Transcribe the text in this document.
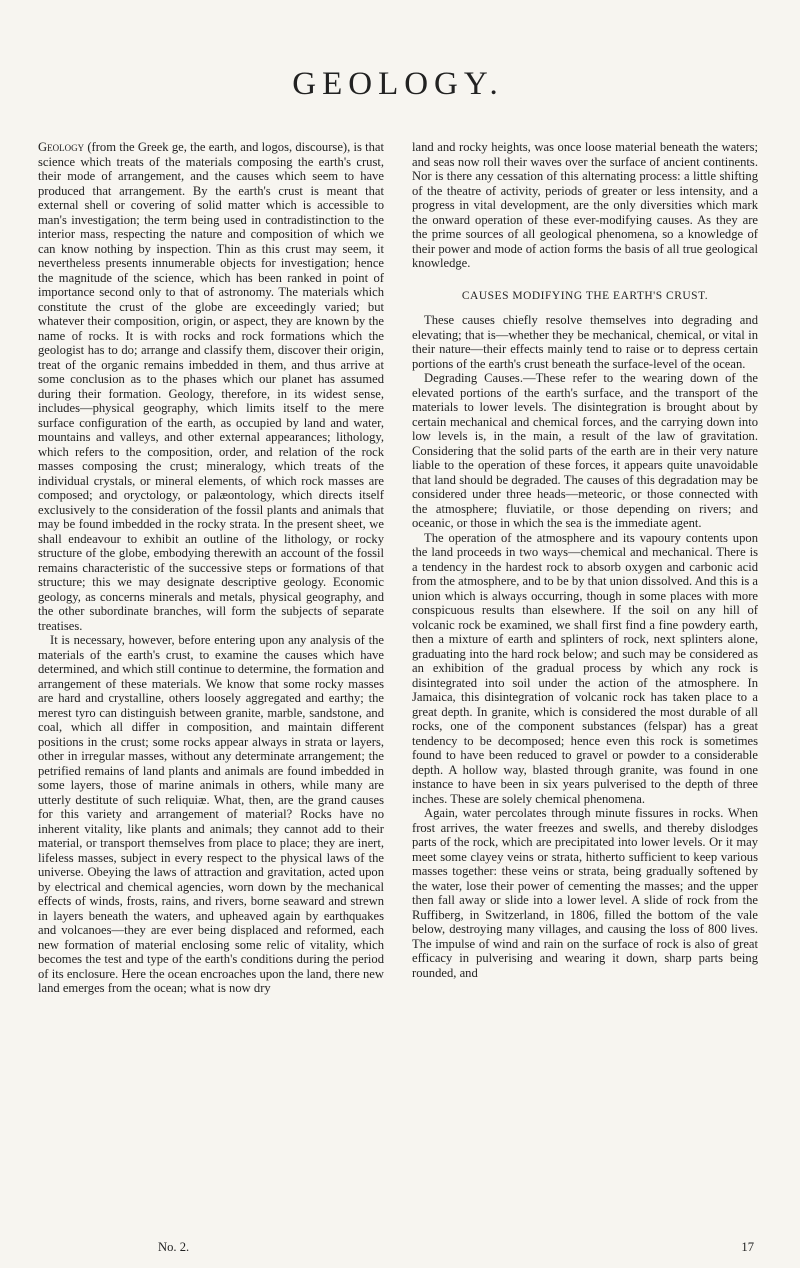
GEOLOGY.

Geology (from the Greek ge, the earth, and logos, discourse), is that science which treats of the materials composing the earth's crust, their mode of arrangement, and the causes which seem to have produced that arrangement. By the earth's crust is meant that external shell or covering of solid matter which is accessible to man's investigation; the term being used in contradistinction to the interior mass, respecting the nature and composition of which we can know nothing by inspection. Thin as this crust may seem, it nevertheless presents innumerable objects for investigation; hence the magnitude of the science, which has been ranked in point of importance second only to that of astronomy. The materials which constitute the crust of the globe are exceedingly varied; but whatever their composition, origin, or aspect, they are known by the name of rocks. It is with rocks and rock formations which the geologist has to do; arrange and classify them, discover their origin, treat of the organic remains imbedded in them, and thus arrive at some conclusion as to the phases which our planet has assumed during their formation. Geology, therefore, in its widest sense, includes—physical geography, which limits itself to the mere surface configuration of the earth, as occupied by land and water, mountains and valleys, and other external appearances; lithology, which refers to the composition, order, and relation of the rock masses composing the crust; mineralogy, which treats of the individual crystals, or mineral elements, of which rock masses are composed; and oryctology, or palæontology, which directs itself exclusively to the consideration of the fossil plants and animals that may be found imbedded in the rocky strata. In the present sheet, we shall endeavour to exhibit an outline of the lithology, or rocky structure of the globe, embodying therewith an account of the fossil remains characteristic of the successive steps or formations of that structure; this we may designate descriptive geology. Economic geology, as concerns minerals and metals, physical geography, and the other subordinate branches, will form the subjects of separate treatises.

It is necessary, however, before entering upon any analysis of the materials of the earth's crust, to examine the causes which have determined, and which still continue to determine, the formation and arrangement of these materials. We know that some rocky masses are hard and crystalline, others loosely aggregated and earthy; the merest tyro can distinguish between granite, marble, sandstone, and coal, which all differ in composition, and maintain different positions in the crust; some rocks appear always in strata or layers, other in irregular masses, without any determinate arrangement; the petrified remains of land plants and animals are found imbedded in some layers, those of marine animals in others, while many are utterly destitute of such reliquiæ. What, then, are the grand causes for this variety and arrangement of material? Rocks have no inherent vitality, like plants and animals; they cannot add to their material, or transport themselves from place to place; they are inert, lifeless masses, subject in every respect to the physical laws of the universe. Obeying the laws of attraction and gravitation, acted upon by electrical and chemical agencies, worn down by the mechanical effects of winds, frosts, rains, and rivers, borne seaward and strewn in layers beneath the waters, and upheaved again by earthquakes and volcanoes—they are ever being displaced and reformed, each new formation of material enclosing some relic of vitality, which becomes the test and type of the earth's conditions during the period of its enclosure. Here the ocean encroaches upon the land, there new land emerges from the ocean; what is now dry

land and rocky heights, was once loose material beneath the waters; and seas now roll their waves over the surface of ancient continents. Nor is there any cessation of this alternating process: a little shifting of the theatre of activity, periods of greater or less intensity, and a progress in vital development, are the only diversities which mark the onward operation of these ever-modifying causes. As they are the prime sources of all geological phenomena, so a knowledge of their power and mode of action forms the basis of all true geological knowledge.

CAUSES MODIFYING THE EARTH'S CRUST.

These causes chiefly resolve themselves into degrading and elevating; that is—whether they be mechanical, chemical, or vital in their nature—their effects mainly tend to raise or to depress certain portions of the earth's crust beneath the surface-level of the ocean.

Degrading Causes.—These refer to the wearing down of the elevated portions of the earth's surface, and the transport of the materials to lower levels. The disintegration is brought about by certain mechanical and chemical forces, and the carrying down into low levels is, in the main, a result of the law of gravitation. Considering that the solid parts of the earth are in their very nature liable to the operation of these forces, it appears quite unavoidable that land should be degraded. The causes of this degradation may be considered under three heads—meteoric, or those connected with the atmosphere; fluviatile, or those depending on rivers; and oceanic, or those in which the sea is the immediate agent.

The operation of the atmosphere and its vapoury contents upon the land proceeds in two ways—chemical and mechanical. There is a tendency in the hardest rock to absorb oxygen and carbonic acid from the atmosphere, and to be by that union dissolved. And this is a union which is always occurring, though in some places with more conspicuous results than elsewhere. If the soil on any hill of volcanic rock be examined, we shall first find a fine powdery earth, then a mixture of earth and splinters of rock, next splinters alone, graduating into the hard rock below; and such may be considered as an exhibition of the gradual process by which any rock is disintegrated into soil under the action of the atmosphere. In Jamaica, this disintegration of volcanic rock has taken place to a great depth. In granite, which is considered the most durable of all rocks, one of the component substances (felspar) has a great tendency to be decomposed; hence even this rock is sometimes found to have been reduced to gravel or powder to a considerable depth. A hollow way, blasted through granite, was found in one instance to have been in six years pulverised to the depth of three inches. These are solely chemical phenomena.

Again, water percolates through minute fissures in rocks. When frost arrives, the water freezes and swells, and thereby dislodges parts of the rock, which are precipitated into lower levels. Or it may meet some clayey veins or strata, hitherto sufficient to keep various masses together: these veins or strata, being gradually softened by the water, lose their power of cementing the masses; and the upper then fall away or slide into a lower level. A slide of rock from the Ruffiberg, in Switzerland, in 1806, filled the bottom of the vale below, destroying many villages, and causing the loss of 800 lives. The impulse of wind and rain on the surface of rock is also of great efficacy in pulverising and wearing it down, sharp parts being rounded, and

No. 2.	17
